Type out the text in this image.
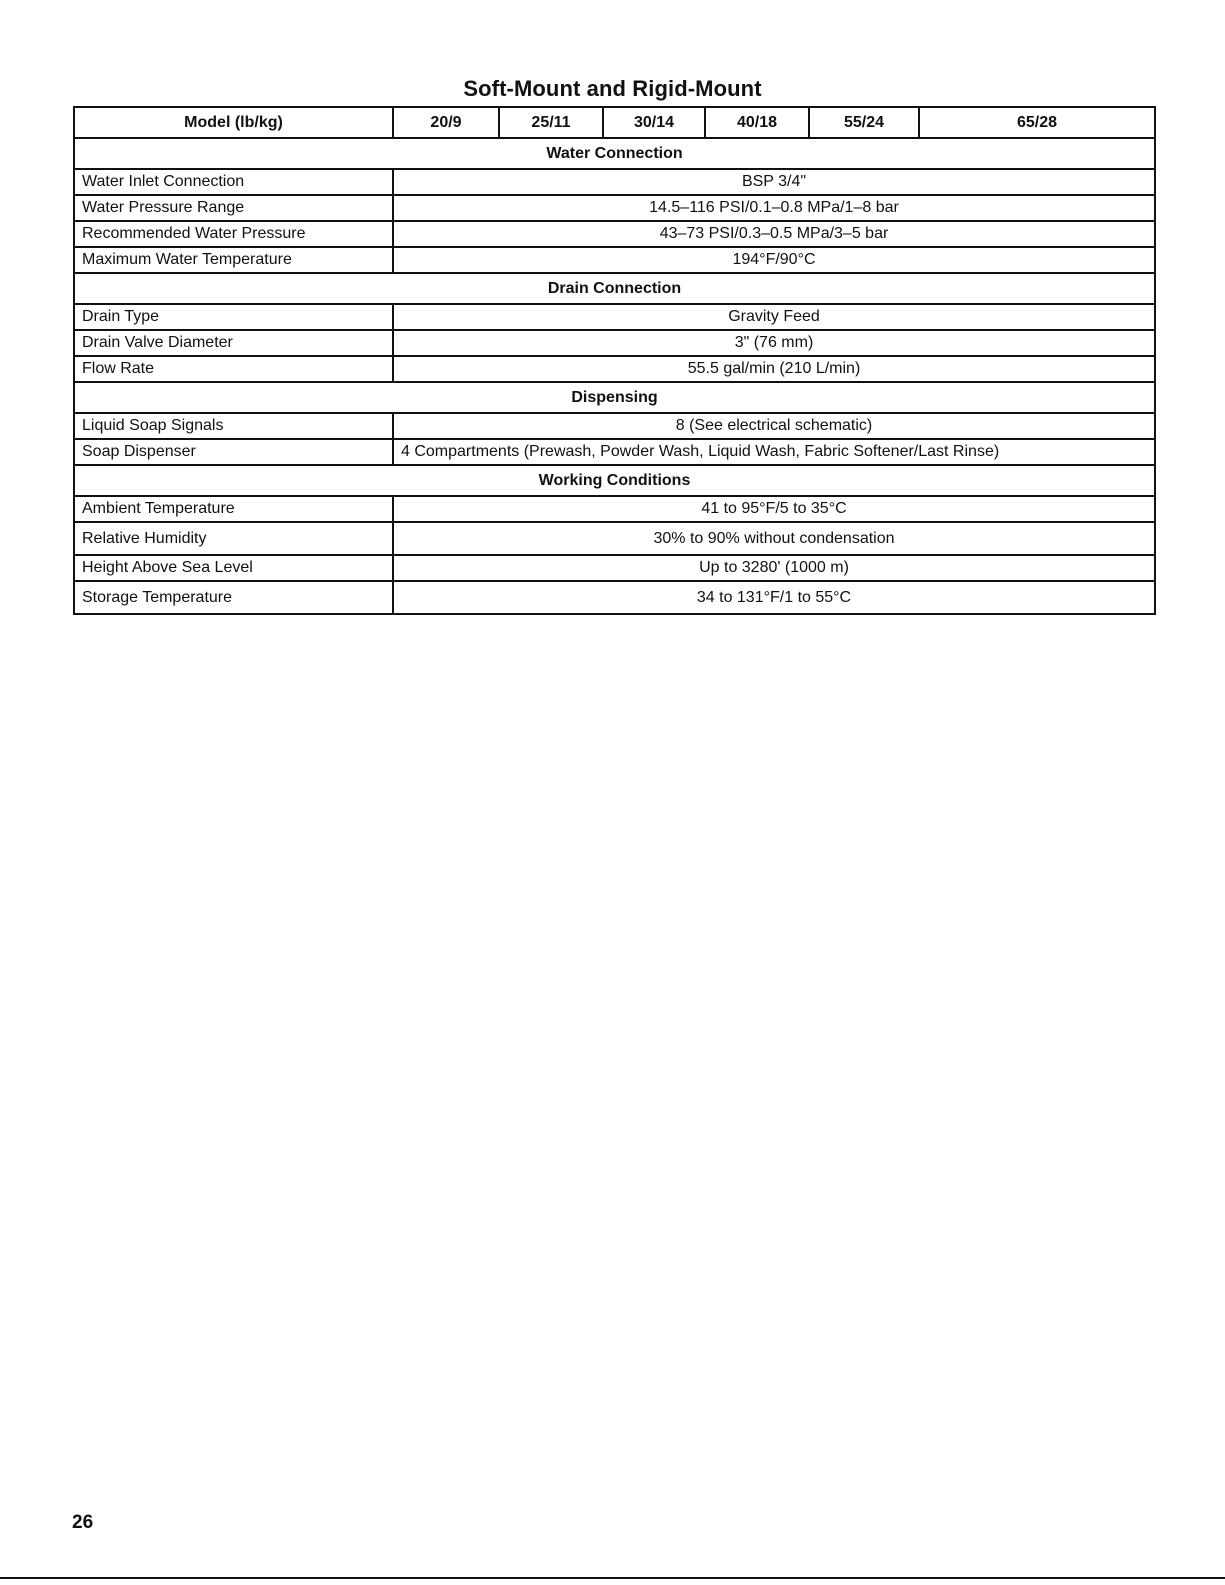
Soft-Mount and Rigid-Mount
Model (lb/kg)	20/9	25/11	30/14	40/18	55/24	65/28
Water Connection						
Water Inlet Connection	BSP 3/4"					
Water Pressure Range	14.5–116 PSI/0.1–0.8 MPa/1–8 bar					
Recommended Water Pressure	43–73 PSI/0.3–0.5 MPa/3–5 bar					
Maximum Water Temperature	194°F/90°C					
Drain Connection						
Drain Type	Gravity Feed					
Drain Valve Diameter	3" (76 mm)					
Flow Rate	55.5 gal/min (210 L/min)					
Dispensing						
Liquid Soap Signals	8 (See electrical schematic)					
Soap Dispenser	4 Compartments (Prewash, Powder Wash, Liquid Wash, Fabric Softener/Last Rinse)					
Working Conditions						
Ambient Temperature	41 to 95°F/5 to 35°C					
Relative Humidity	30% to 90% without condensation					
Height Above Sea Level	Up to 3280' (1000 m)					
Storage Temperature	34 to 131°F/1 to 55°C					
26
